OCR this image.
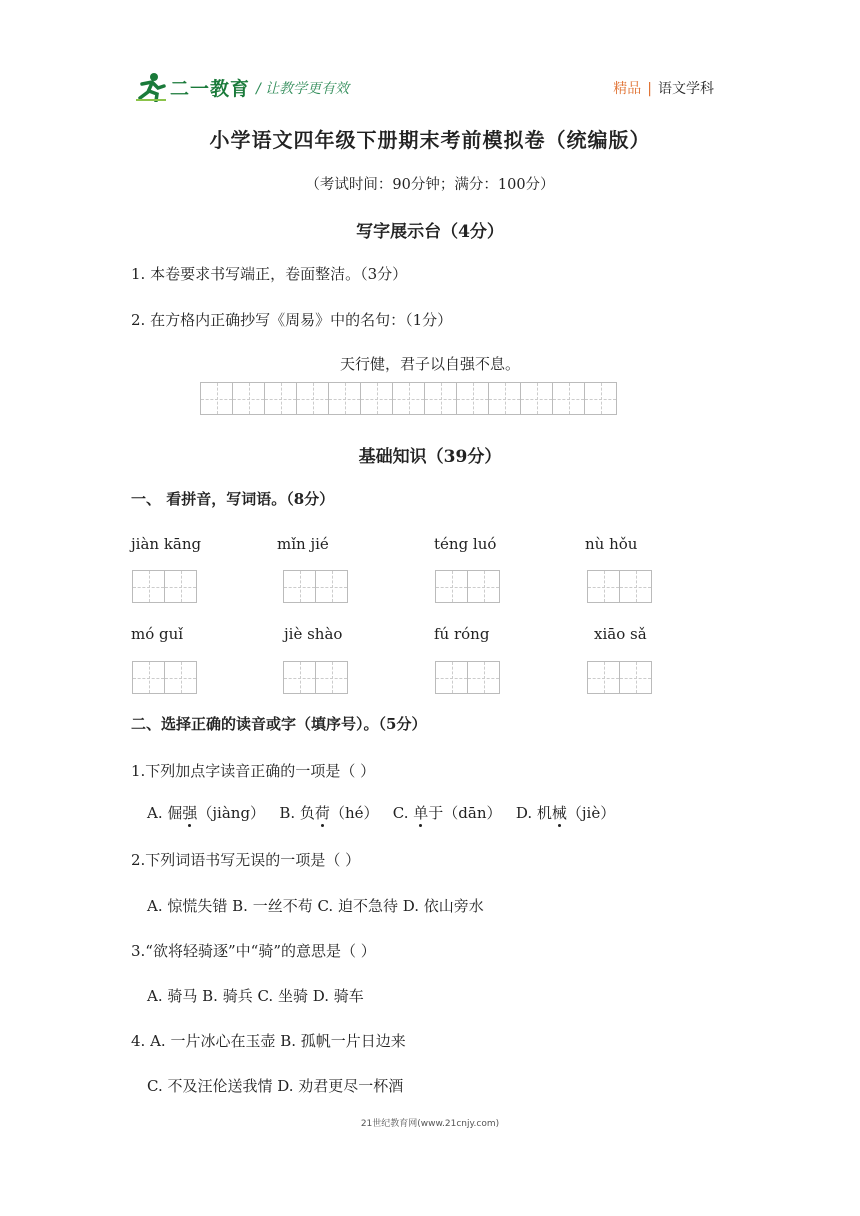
二一教育 / 让教学更有效	精品 | 语文学科
小学语文四年级下册期末考前模拟卷（统编版）
（考试时间：90分钟；满分：100分）
写字展示台（4分）
1. 本卷要求书写端正，卷面整洁。（3分）
2. 在方格内正确抄写《周易》中的名句：（1分）
天行健，君子以自强不息。
基础知识（39分）
一、 看拼音，写词语。（8分）
jiàn kāng	mǐn jié	téng luó	nù hǒu
mó guǐ	jiè shào	fú róng	xiāo sǎ
二、选择正确的读音或字（填序号）。（5分）
1.下列加点字读音正确的一项是（ ）
A. 倔强（jiàng） B. 负荷（hé） C. 单于（dān） D. 机械（jiè）
2.下列词语书写无误的一项是（ ）
A. 惊慌失错 B. 一丝不苟 C. 迫不急待 D. 依山旁水
3.“欲将轻骑逐”中“骑”的意思是（ ）
A. 骑马 B. 骑兵 C. 坐骑 D. 骑车
4. A. 一片冰心在玉壶 B. 孤帆一片日边来
C. 不及汪伦送我情 D. 劝君更尽一杯酒
21世纪教育网(www.21cnjy.com)
